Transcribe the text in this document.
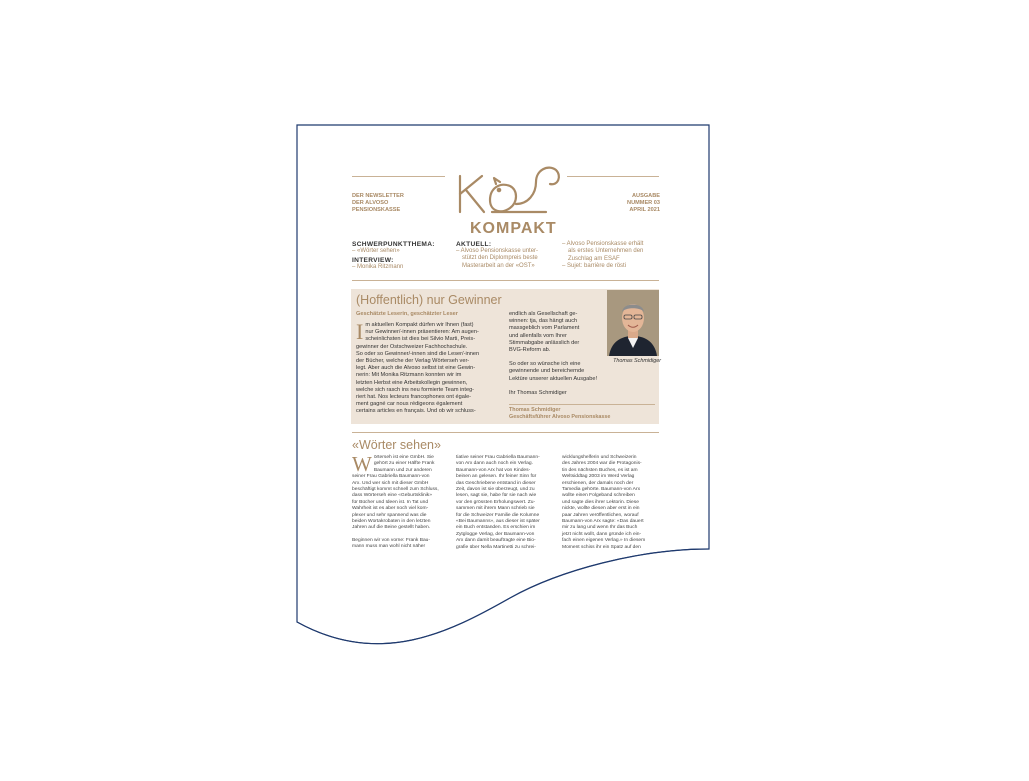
DER NEWSLETTER
DER ALVOSO
PENSIONSKASSE
AUSGABE
NUMMER 03
APRIL 2021
KOMPAKT
SCHWERPUNKTTHEMA:
– «Wörter sehen»
INTERVIEW:
– Monika Ritzmann
AKTUELL:
– Alvoso Pensionskasse unter-
stützt den Diplompreis beste
Masterarbeit an der «OST»
– Alvoso Pensionskasse erhält
als erstes Unternehmen den
Zuschlag am ESAF
– Sujet: barrière de rösti
(Hoffentlich) nur Gewinner
Geschätzte Leserin, geschätzter Leser
I m aktuellen Kompakt dürfen wir Ihnen (fast)
nur Gewinner/-innen präsentieren: Am augen-
scheinlichsten ist dies bei Silvio Marti, Preis-
gewinner der Ostschweizer Fachhochschule.
So oder so Gewinner/-innen sind die Leser/-innen
der Bücher, welche der Verlag Wörterseh ver-
legt. Aber auch die Alvoso selbst ist eine Gewin-
nerin: Mit Monika Ritzmann konnten wir im
letzten Herbst eine Arbeitskollegin gewinnen,
welche sich rasch ins neu formierte Team integ-
riert hat. Nos lecteurs francophones ont égale-
ment gagné car nous rédigeons également
certains articles en français. Und ob wir schluss-
endlich als Gesellschaft ge-
winnen: tja, das hängt auch
massgeblich vom Parlament
und allenfalls vom Ihrer
Stimmabgabe anlässlich der
BVG-Reform ab.
So oder so wünsche ich eine
gewinnende und bereichernde
Lektüre unserer aktuellen Ausgabe!
Ihr Thomas Schmidiger
Thomas Schmidiger
Geschäftsführer Alvoso Pensionskasse
Thomas Schmidiger
«Wörter sehen»
W örterseh ist eine GmbH. Sie
gehört zu einer Hälfte Frank
Baumann und zur anderen
seiner Frau Gabriella Baumann-von
Arx. Und wer sich mit dieser GmbH
beschäftigt kommt schnell zum Schluss,
dass Wörterseh eine «Geburtsklinik»
für Bücher und Ideen ist. In Tat und
Wahrheit ist es aber noch viel kom-
plexer und sehr spannend was die
beiden Wortakrobaten in den letzten
Jahren auf die Beine gestellt haben.
Beginnen wir von vorne: Frank Bau-
mann muss man wohl nicht näher
tiative seiner Frau Gabriella Baumann-
von Arx dann auch noch ein Verlag.
Baumann-von Arx hat von Kindes-
beinen an gelesen. Ihr feiner Sinn für
das Geschriebene entstand in dieser
Zeit, davon ist sie überzeugt, und zu
lesen, sagt sie, habe für sie nach wie
vor den grössten Erholungswert. Zu-
sammen mit ihrem Mann schrieb sie
für die Schweizer Familie die Kolumne
«Bei Baumanns», aus dieser ist später
ein Buch entstanden. Es erschien im
Zytglogge Verlag, der Baumann-von
Arx dann damit beauftragte eine Bio-
grafie über Nella Martinetti zu schrei-
wicklungshelferin und Schweizerin
des Jahres 2004 war die Protagonis-
tin des nächsten Buches, es ist am
Weltsiddtag 2003 im Werd Verlag
erschienen, der damals noch der
Tamedia gehörte. Baumann-von Arx
wollte einen Folgeband schreiben
und sagte dies ihrer Lektorin. Diese
nickte, wollte diesen aber erst in ein
paar Jahren veröffentlichen, worauf
Baumann-von Arx sagte: «Das dauert
mir zu lang und wenn Ihr das Buch
jetzt nicht wollt, dann gründe ich ein-
fach einen eigenen Verlag.» In diesem
Moment schiss ihr ein Spatz auf den
